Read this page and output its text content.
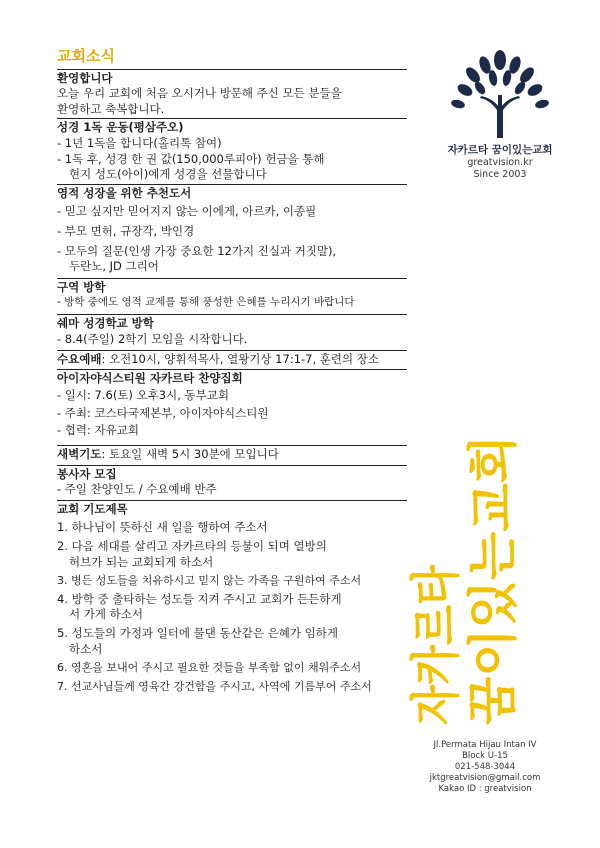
교회소식
환영합니다
오늘 우리 교회에 처음 오시거나 방문해 주신 모든 분들을
환영하고 축복합니다.
성경 1독 운동(평삼주오)
- 1년 1독을 합니다(홀리톡 참여)
- 1독 후, 성경 한 권 값(150,000루피아) 헌금을 통해
현지 성도(아이)에게 성경을 선물합니다
영적 성장을 위한 추천도서
- 믿고 싶지만 믿어지지 않는 이에게, 아르카, 이종필
- 부모 면허, 규장각, 박인경
- 모두의 질문(인생 가장 중요한 12가지 진실과 거짓말),
두란노, JD 그리어
구역 방학
- 방학 중에도 영적 교제를 통해 풍성한 은혜를 누리시기 바랍니다
쉐마 성경학교 방학
- 8.4(주일) 2학기 모임을 시작합니다.
수요예배: 오전10시, 양휘석목사, 열왕기상 17:1-7, 훈련의 장소
아이자야식스티원 자카르타 찬양집회
- 일시: 7.6(토) 오후3시, 동부교회
- 주최: 코스타국제본부, 아이자야식스티원
- 협력: 자유교회
새벽기도: 토요일 새벽 5시 30분에 모입니다
봉사자 모집
- 주일 찬양인도 / 수요예배 반주
교회 기도제목
1. 하나님이 뜻하신 새 일을 행하여 주소서
2. 다음 세대를 살리고 자카르타의 등불이 되며 열방의
허브가 되는 교회되게 하소서
3. 병든 성도들을 치유하시고 믿지 않는 가족을 구원하여 주소서
4. 방학 중 출타하는 성도들 지켜 주시고 교회가 든든하게
서 가게 하소서
5. 성도들의 가정과 일터에 물댄 동산같은 은혜가 임하게
하소서
6. 영혼을 보내어 주시고 필요한 것들을 부족함 없이 채워주소서
7. 선교사님들께 영육간 강건함을 주시고, 사역에 기름부어 주소서
자카르타 꿈이있는교회
greatvision.kr
Since 2003
자카르타 꿈이있는교회
Jl.Permata Hijau Intan IV
Block U-15
021-548-3044
jktgreatvision@gmail.com
Kakao ID : greatvision
